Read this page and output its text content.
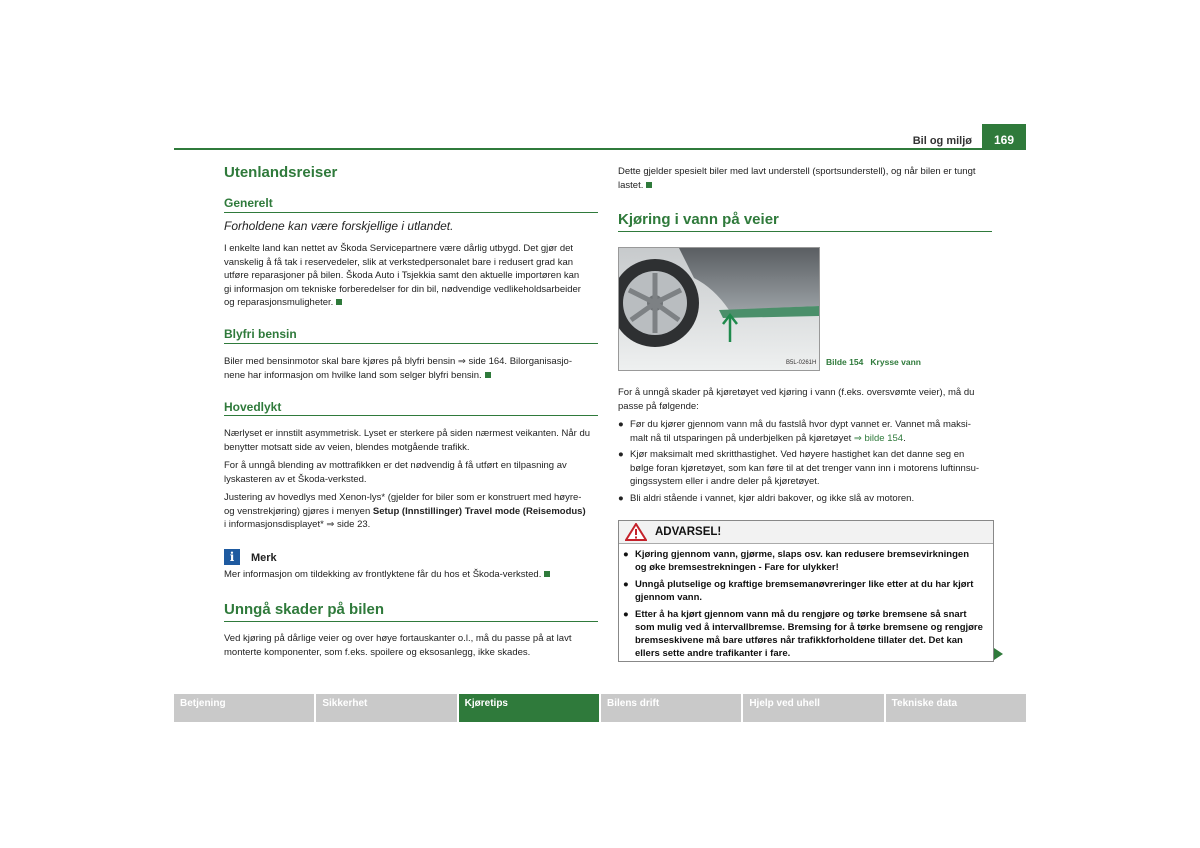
Bil og miljø	169
Utenlandsreiser
Generelt
Forholdene kan være forskjellige i utlandet.

I enkelte land kan nettet av Škoda Servicepartnere være dårlig utbygd. Det gjør det

vanskelig å få tak i reservedeler, slik at verkstedpersonalet bare i redusert grad kan

utføre reparasjoner på bilen. Škoda Auto i Tsjekkia samt den aktuelle importøren kan

gi informasjon om tekniske forberedelser for din bil, nødvendige vedlikeholdsarbeider

og reparasjonsmuligheter.

Blyfri bensin

Biler med bensinmotor skal bare kjøres på blyfri bensin ⇒ side 164. Bilorganisasjo-

nene har informasjon om hvilke land som selger blyfri bensin.

Hovedlykt

Nærlyset er innstilt asymmetrisk. Lyset er sterkere på siden nærmest veikanten. Når du

benytter motsatt side av veien, blendes motgående trafikk.

For å unngå blending av mottrafikken er det nødvendig å få utført en tilpasning av

lyskasteren av et Škoda-verksted.

Justering av hovedlys med Xenon-lys* (gjelder for biler som er konstruert med høyre-

og venstrekjøring) gjøres i menyen Setup (Innstillinger) Travel mode (Reisemodus)

i informasjonsdisplayet* ⇒ side 23.

i	Merk

Mer informasjon om tildekking av frontlyktene får du hos et Škoda-verksted.

Unngå skader på bilen

Ved kjøring på dårlige veier og over høye fortauskanter o.l., må du passe på at lavt

monterte komponenter, som f.eks. spoilere og eksosanlegg, ikke skades.

Dette gjelder spesielt biler med lavt understell (sportsunderstell), og når bilen er tungt

lastet.

Kjøring i vann på veier
B5L-0261H Bilde 154 Krysse vann

For å unngå skader på kjøretøyet ved kjøring i vann (f.eks. oversvømte veier), må du

passe på følgende:

● Før du kjører gjennom vann må du fastslå hvor dypt vannet er. Vannet må maksi-

malt nå til utsparingen på underbjelken på kjøretøyet ⇒ bilde 154.

● Kjør maksimalt med skritthastighet. Ved høyere hastighet kan det danne seg en

bølge foran kjøretøyet, som kan føre til at det trenger vann inn i motorens luftinnsu-

gingssystem eller i andre deler på kjøretøyet.

● Bli aldri stående i vannet, kjør aldri bakover, og ikke slå av motoren.

ADVARSEL!
● Kjøring gjennom vann, gjørme, slaps osv. kan redusere bremsevirkningen

og øke bremsestrekningen - Fare for ulykker!

● Unngå plutselige og kraftige bremsemanøvreringer like etter at du har kjørt

gjennom vann.

● Etter å ha kjørt gjennom vann må du rengjøre og tørke bremsene så snart

som mulig ved å intervallbremse. Bremsing for å tørke bremsene og rengjøre

bremseskivene må bare utføres når trafikkforholdene tillater det. Det kan

ellers sette andre trafikanter i fare.

Betjening	Sikkerhet	Kjøretips	Bilens drift	Hjelp ved uhell	Tekniske data
